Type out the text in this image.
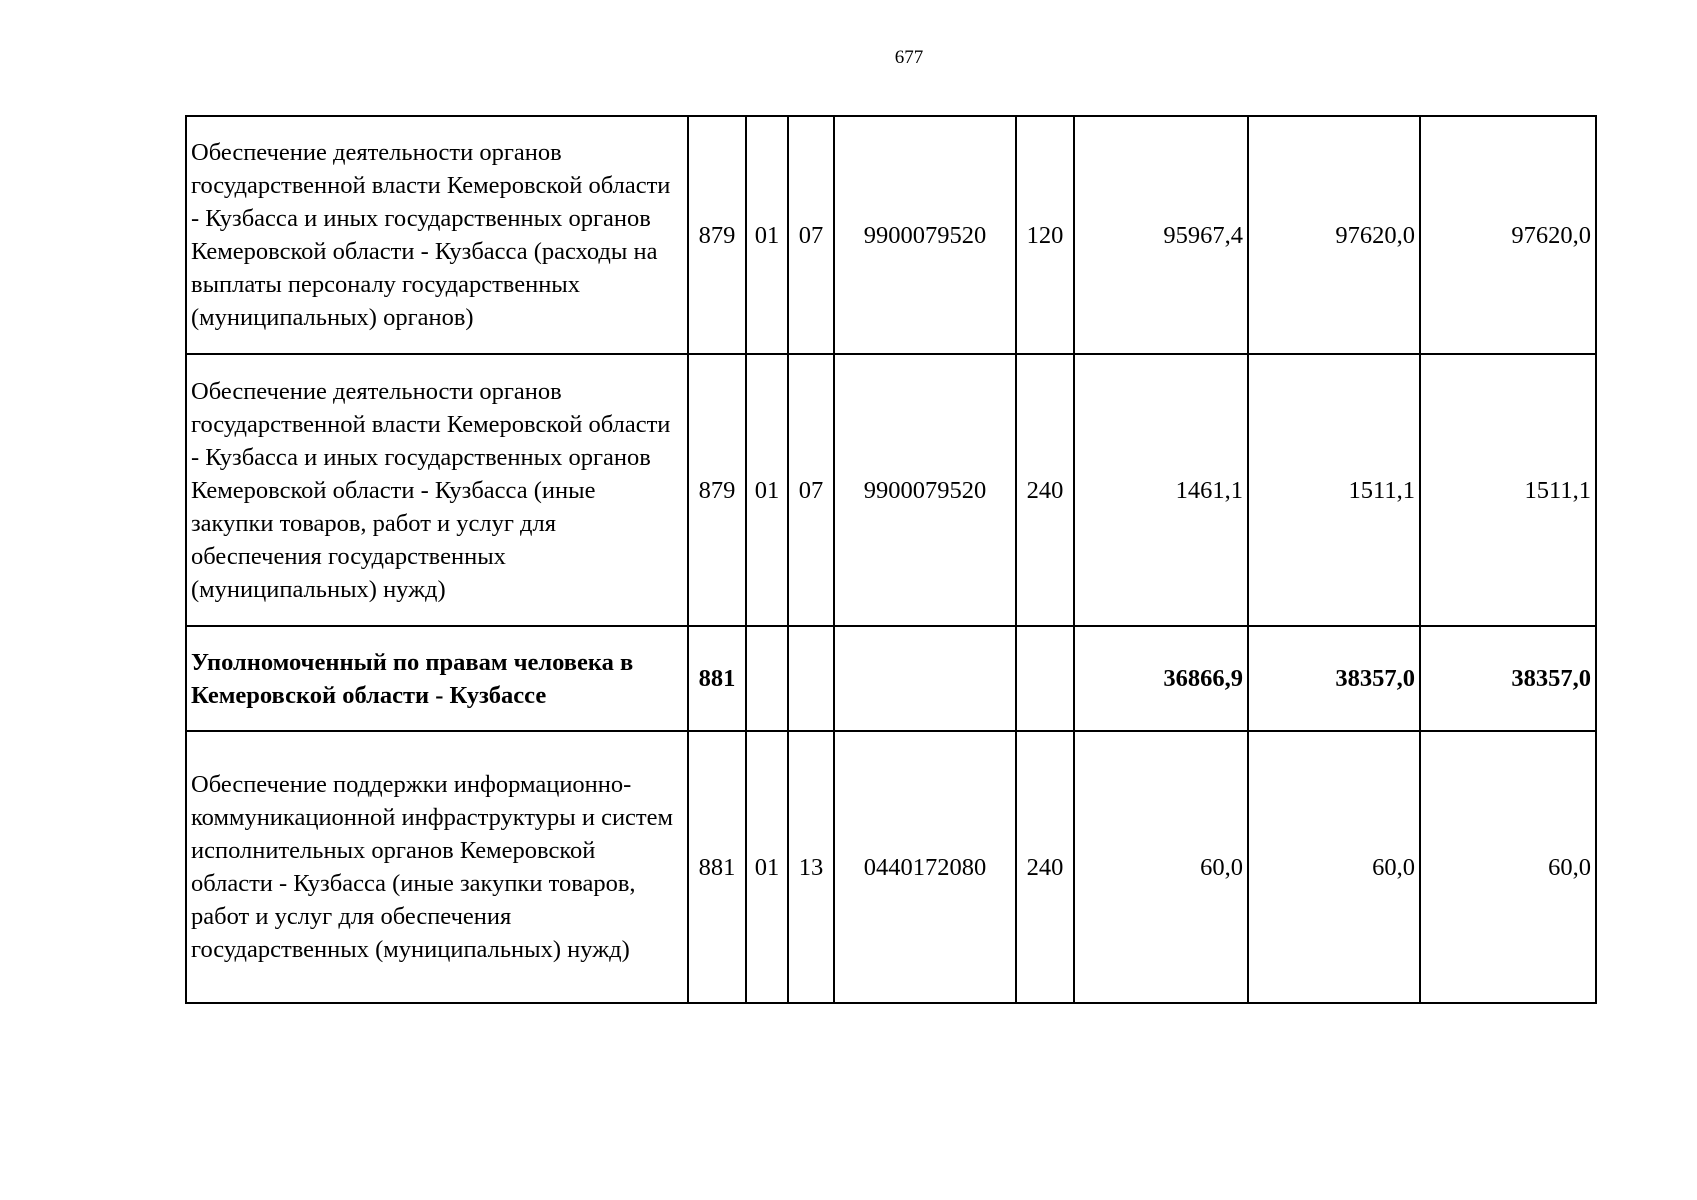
677
Обеспечение деятельности органов государственной власти Кемеровской области - Кузбасса и иных государственных органов Кемеровской области - Кузбасса (расходы на выплаты персоналу государственных (муниципальных) органов)	879	01	07	9900079520	120	95967,4	97620,0	97620,0
Обеспечение деятельности органов государственной власти Кемеровской области - Кузбасса и иных государственных органов Кемеровской области - Кузбасса (иные закупки товаров, работ и услуг для обеспечения государственных (муниципальных) нужд)	879	01	07	9900079520	240	1461,1	1511,1	1511,1
Уполномоченный по правам человека в Кемеровской области - Кузбассе	881					36866,9	38357,0	38357,0
Обеспечение поддержки информационно-коммуникационной инфраструктуры и систем исполнительных органов Кемеровской области - Кузбасса (иные закупки товаров, работ и услуг для обеспечения государственных (муниципальных) нужд)	881	01	13	0440172080	240	60,0	60,0	60,0
